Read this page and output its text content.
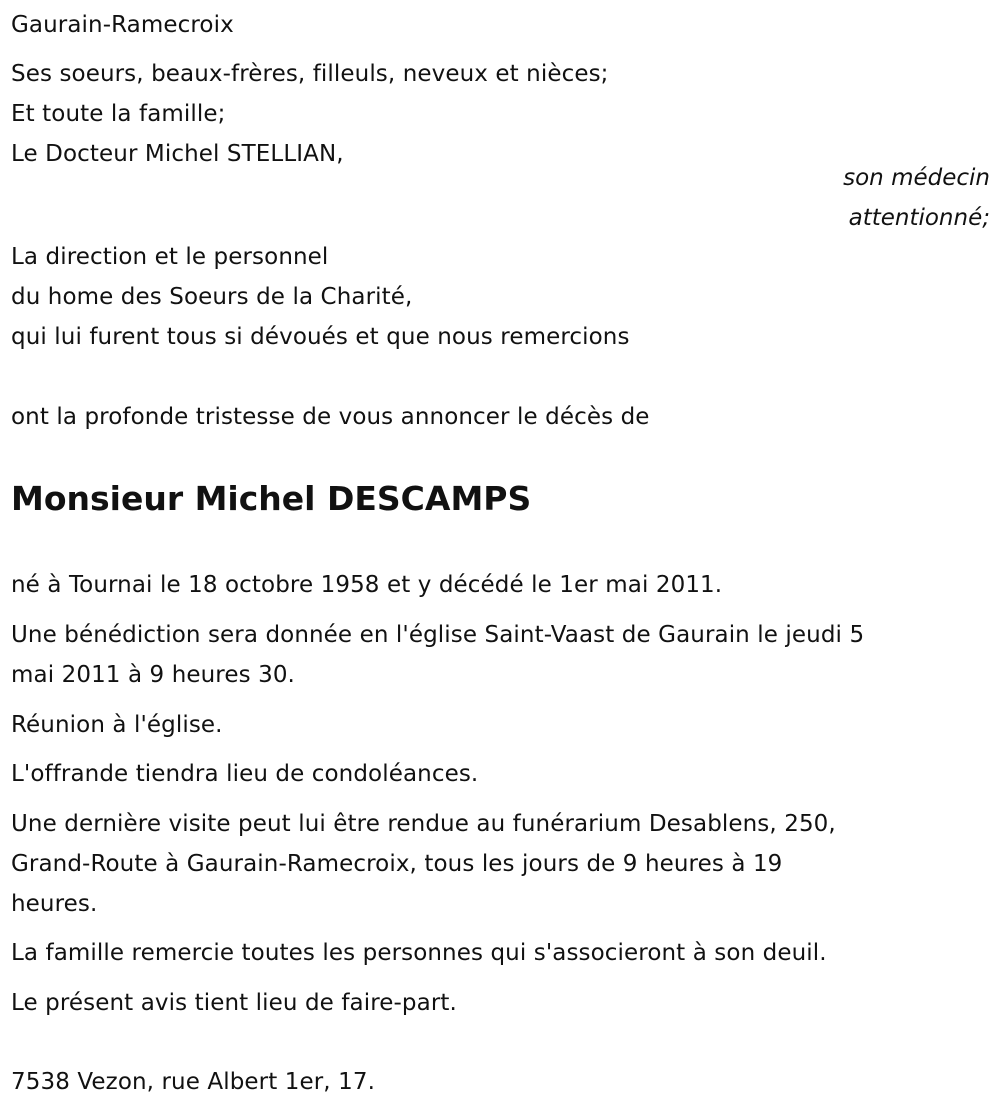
Gaurain-Ramecroix
Ses soeurs, beaux-frères, filleuls, neveux et nièces;
Et toute la famille;
Le Docteur Michel STELLIAN,
son médecin
attentionné;
La direction et le personnel
du home des Soeurs de la Charité,
qui lui furent tous si dévoués et que nous remercions
ont la profonde tristesse de vous annoncer le décès de
Monsieur Michel DESCAMPS
né à Tournai le 18 octobre 1958 et y décédé le 1er mai 2011.
Une bénédiction sera donnée en l'église Saint-Vaast de Gaurain le jeudi 5
mai 2011 à 9 heures 30.
Réunion à l'église.
L'offrande tiendra lieu de condoléances.
Une dernière visite peut lui être rendue au funérarium Desablens, 250,
Grand-Route à Gaurain-Ramecroix, tous les jours de 9 heures à 19
heures.
La famille remercie toutes les personnes qui s'associeront à son deuil.
Le présent avis tient lieu de faire-part.
7538 Vezon, rue Albert 1er, 17.
